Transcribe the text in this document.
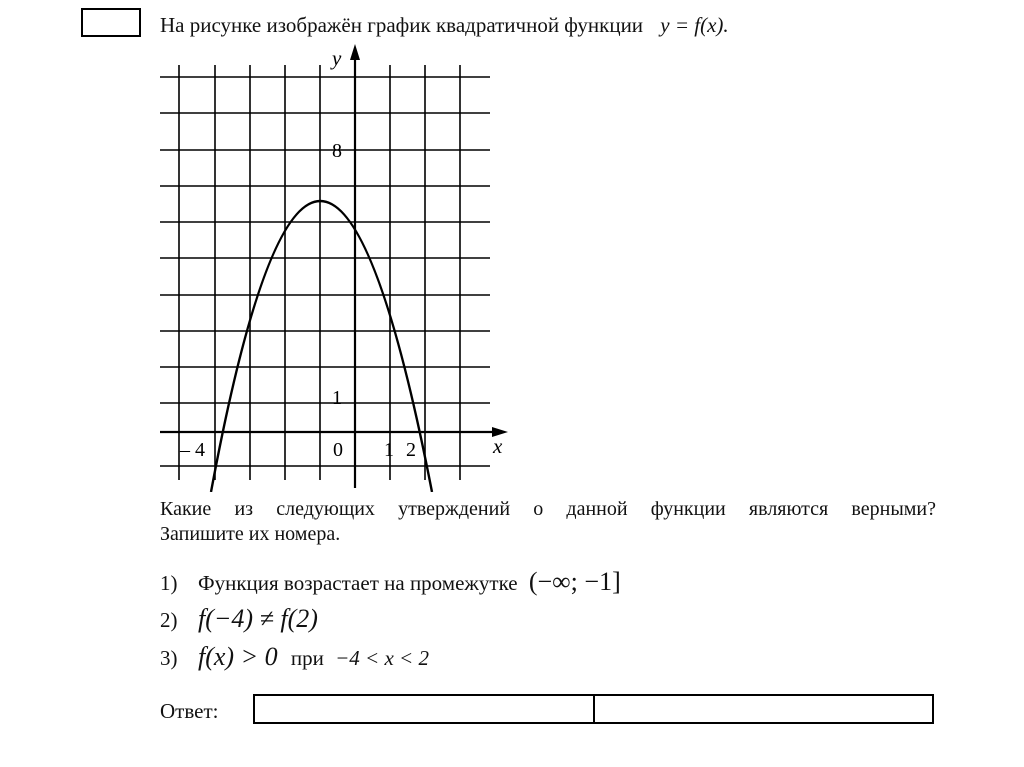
На рисунке изображён график квадратичной функции y = f(x).
y
x
8
1
0
– 4	1 2
Какие из следующих утверждений о данной функции являются верными?
Запишите их номера.
1) Функция возрастает на промежутке (−∞; −1]
2) f(−4) ≠ f(2)
3) f(x) > 0 при −4 < x < 2
Ответ:
